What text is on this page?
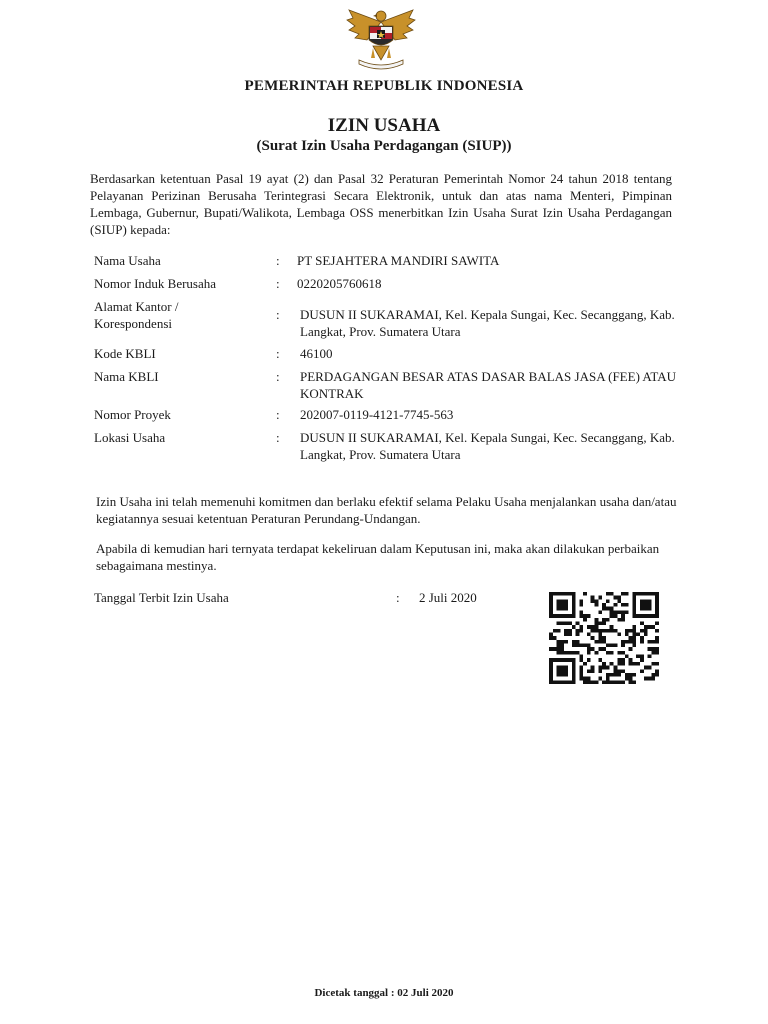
PEMERINTAH REPUBLIK INDONESIA
IZIN USAHA
(Surat Izin Usaha Perdagangan (SIUP))
Berdasarkan ketentuan Pasal 19 ayat (2) dan Pasal 32 Peraturan Pemerintah Nomor 24 tahun 2018 tentang Pelayanan Perizinan Berusaha Terintegrasi Secara Elektronik, untuk dan atas nama Menteri, Pimpinan Lembaga, Gubernur, Bupati/Walikota, Lembaga OSS menerbitkan Izin Usaha Surat Izin Usaha Perdagangan (SIUP) kepada:
Nama Usaha	: PT SEJAHTERA MANDIRI SAWITA
Nomor Induk Berusaha	: 0220205760618
Alamat Kantor / Korespondensi
: DUSUN II SUKARAMAI, Kel. Kepala Sungai, Kec. Secanggang, Kab. Langkat, Prov. Sumatera Utara
Kode KBLI	: 46100
Nama KBLI	: PERDAGANGAN BESAR ATAS DASAR BALAS JASA (FEE) ATAU KONTRAK
Nomor Proyek	: 202007-0119-4121-7745-563
Lokasi Usaha	: DUSUN II SUKARAMAI, Kel. Kepala Sungai, Kec. Secanggang, Kab. Langkat, Prov. Sumatera Utara
Izin Usaha ini telah memenuhi komitmen dan berlaku efektif selama Pelaku Usaha menjalankan usaha dan/atau kegiatannya sesuai ketentuan Peraturan Perundang-Undangan.
Apabila di kemudian hari ternyata terdapat kekeliruan dalam Keputusan ini, maka akan dilakukan perbaikan sebagaimana mestinya.
Tanggal Terbit Izin Usaha	: 2 Juli 2020
Dicetak tanggal : 02 Juli 2020
